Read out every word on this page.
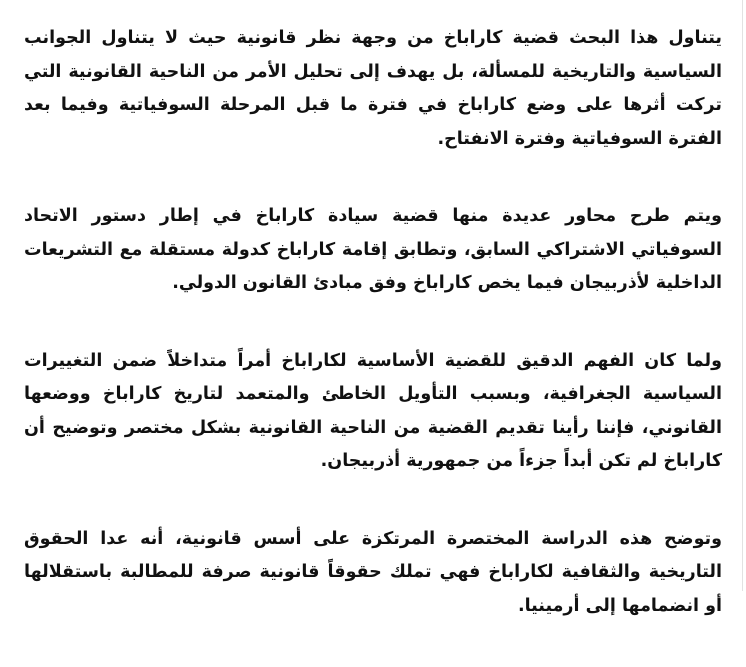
يتناول هذا البحث قضية كاراباخ من وجهة نظر قانونية حيث لا يتناول الجوانب السياسية والتاريخية للمسألة، بل يهدف إلى تحليل الأمر من الناحية القانونية التي تركت أثرها على وضع كاراباخ في فترة ما قبل المرحلة السوفياتية وفيما بعد الفترة السوفياتية وفترة الانفتاح.

ويتم طرح محاور عديدة منها قضية سيادة كاراباخ في إطار دستور الاتحاد السوفياتي الاشتراكي السابق، وتطابق إقامة كاراباخ كدولة مستقلة مع التشريعات الداخلية لأذربيجان فيما يخص كاراباخ وفق مبادئ القانون الدولي.

ولما كان الفهم الدقيق للقضية الأساسية لكاراباخ أمراً متداخلاً ضمن التغييرات السياسية الجغرافية، وبسبب التأويل الخاطئ والمتعمد لتاريخ كاراباخ ووضعها القانوني، فإننا رأينا تقديم القضية من الناحية القانونية بشكل مختصر وتوضيح أن كاراباخ لم تكن أبداً جزءاً من جمهورية أذربيجان.

وتوضح هذه الدراسة المختصرة المرتكزة على أسس قانونية، أنه عدا الحقوق التاريخية والثقافية لكاراباخ فهي تملك حقوقاً قانونية صرفة للمطالبة باستقلالها أو انضمامها إلى أرمينيا.
